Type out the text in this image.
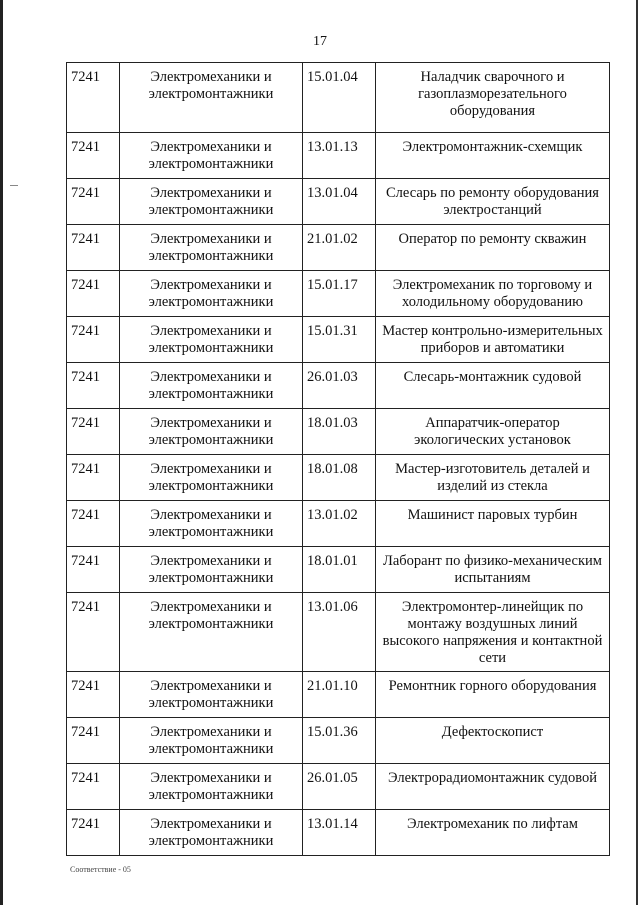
17
7241	Электромеханики и электромонтажники	15.01.04	Наладчик сварочного и газоплазморезательного оборудования
7241	Электромеханики и электромонтажники	13.01.13	Электромонтажник-схемщик
7241	Электромеханики и электромонтажники	13.01.04	Слесарь по ремонту оборудования электростанций
7241	Электромеханики и электромонтажники	21.01.02	Оператор по ремонту скважин
7241	Электромеханики и электромонтажники	15.01.17	Электромеханик по торговому и холодильному оборудованию
7241	Электромеханики и электромонтажники	15.01.31	Мастер контрольно-измерительных приборов и автоматики
7241	Электромеханики и электромонтажники	26.01.03	Слесарь-монтажник судовой
7241	Электромеханики и электромонтажники	18.01.03	Аппаратчик-оператор экологических установок
7241	Электромеханики и электромонтажники	18.01.08	Мастер-изготовитель деталей и изделий из стекла
7241	Электромеханики и электромонтажники	13.01.02	Машинист паровых турбин
7241	Электромеханики и электромонтажники	18.01.01	Лаборант по физико-механическим испытаниям
7241	Электромеханики и электромонтажники	13.01.06	Электромонтер-линейщик по монтажу воздушных линий высокого напряжения и контактной сети
7241	Электромеханики и электромонтажники	21.01.10	Ремонтник горного оборудования
7241	Электромеханики и электромонтажники	15.01.36	Дефектоскопист
7241	Электромеханики и электромонтажники	26.01.05	Электрорадиомонтажник судовой
7241	Электромеханики и электромонтажники	13.01.14	Электромеханик по лифтам
Соответствие - 05
